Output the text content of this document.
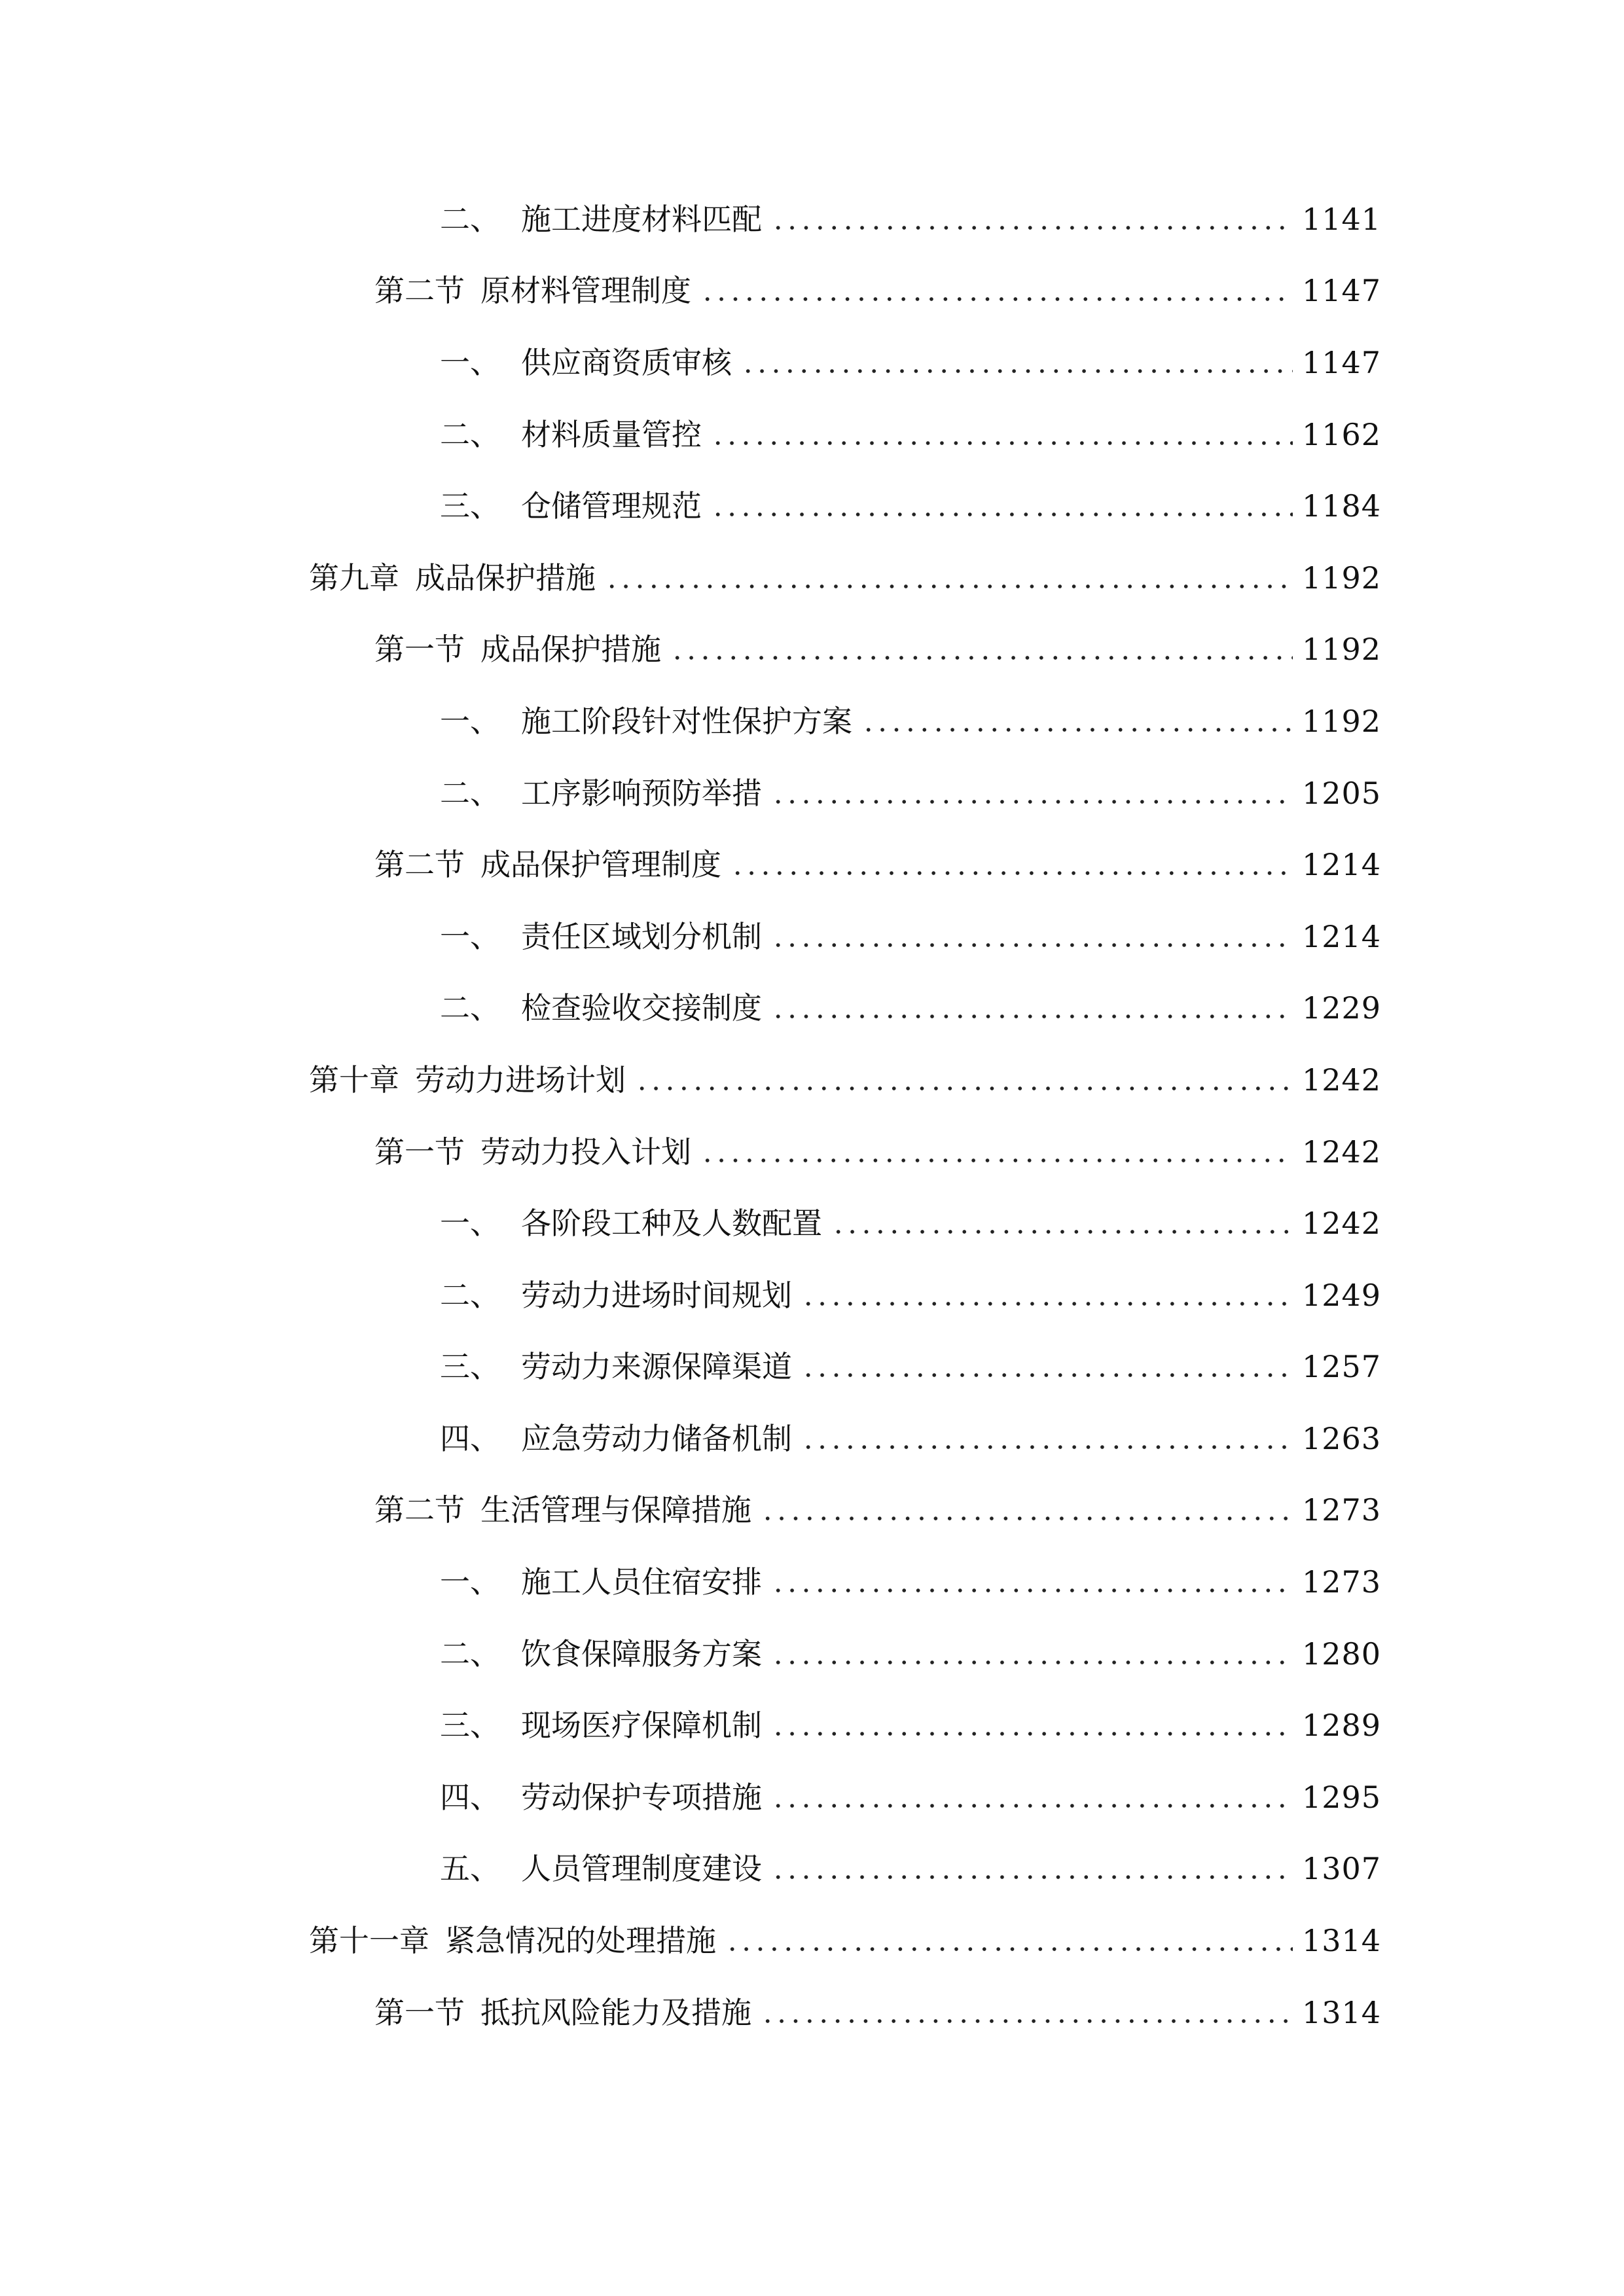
二、 施工进度材料匹配	1141
第二节 原材料管理制度	1147
一、 供应商资质审核	1147
二、 材料质量管控	1162
三、 仓储管理规范	1184
第九章 成品保护措施	1192
第一节 成品保护措施	1192
一、 施工阶段针对性保护方案	1192
二、 工序影响预防举措	1205
第二节 成品保护管理制度	1214
一、 责任区域划分机制	1214
二、 检查验收交接制度	1229
第十章 劳动力进场计划	1242
第一节 劳动力投入计划	1242
一、 各阶段工种及人数配置	1242
二、 劳动力进场时间规划	1249
三、 劳动力来源保障渠道	1257
四、 应急劳动力储备机制	1263
第二节 生活管理与保障措施	1273
一、 施工人员住宿安排	1273
二、 饮食保障服务方案	1280
三、 现场医疗保障机制	1289
四、 劳动保护专项措施	1295
五、 人员管理制度建设	1307
第十一章 紧急情况的处理措施	1314
第一节 抵抗风险能力及措施	1314
